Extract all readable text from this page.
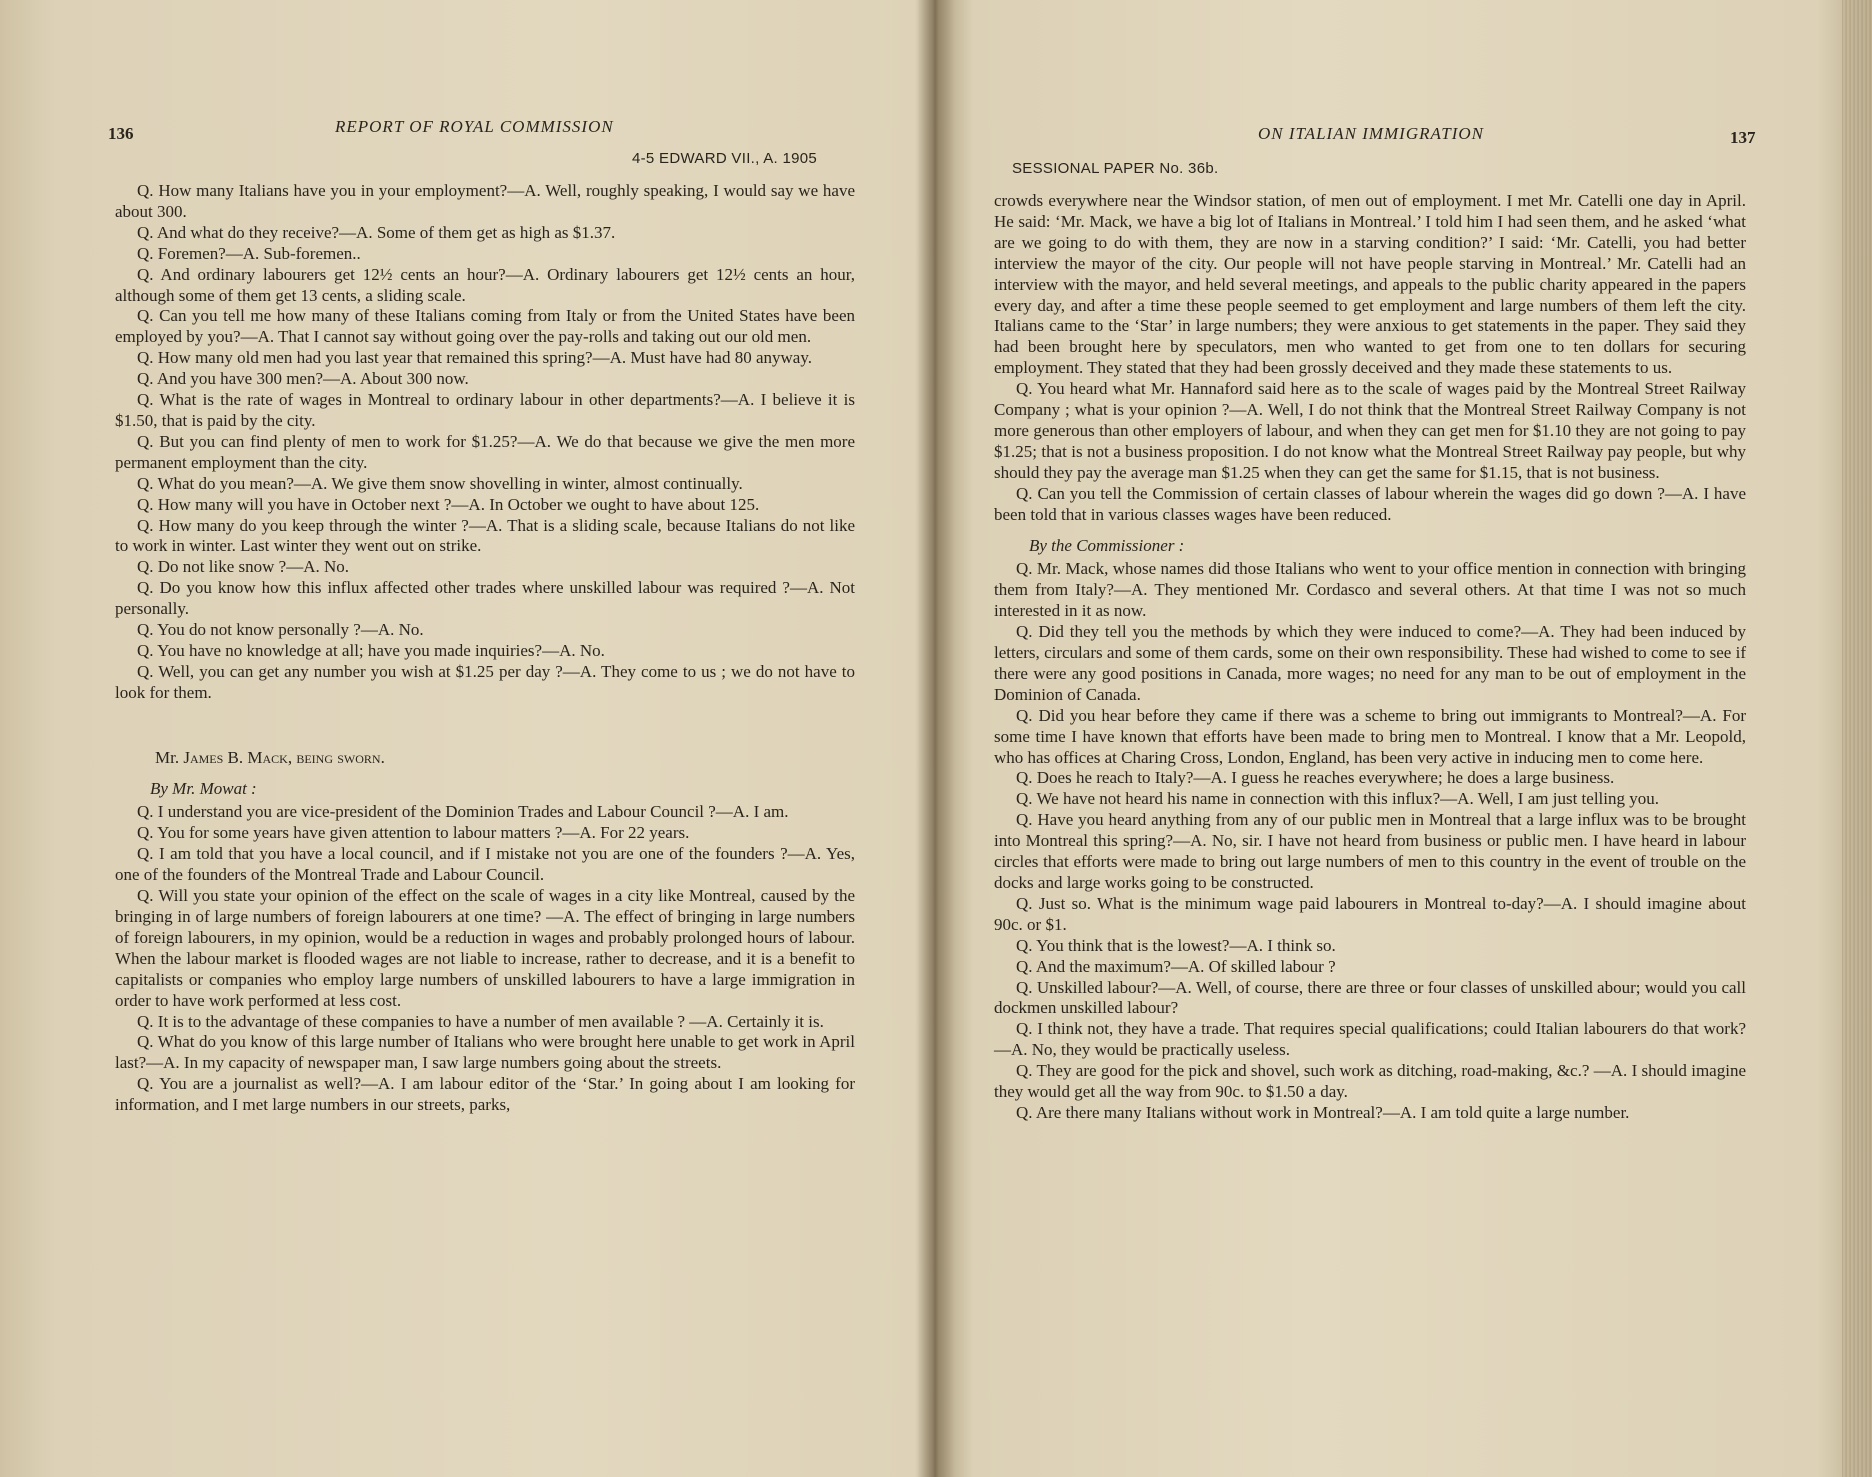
136	REPORT OF ROYAL COMMISSION
4-5 EDWARD VII., A. 1905

Q. How many Italians have you in your employment?—A. Well, roughly speaking, I would say we have about 300.

Q. And what do they receive?—A. Some of them get as high as $1.37.

Q. Foremen?—A. Sub-foremen..

Q. And ordinary labourers get 12½ cents an hour?—A. Ordinary labourers get 12½ cents an hour, although some of them get 13 cents, a sliding scale.

Q. Can you tell me how many of these Italians coming from Italy or from the United States have been employed by you?—A. That I cannot say without going over the pay-rolls and taking out our old men.

Q. How many old men had you last year that remained this spring?—A. Must have had 80 anyway.

Q. And you have 300 men?—A. About 300 now.

Q. What is the rate of wages in Montreal to ordinary labour in other departments?—A. I believe it is $1.50, that is paid by the city.

Q. But you can find plenty of men to work for $1.25?—A. We do that because we give the men more permanent employment than the city.

Q. What do you mean?—A. We give them snow shovelling in winter, almost continually.

Q. How many will you have in October next ?—A. In October we ought to have about 125.

Q. How many do you keep through the winter ?—A. That is a sliding scale, because Italians do not like to work in winter. Last winter they went out on strike.

Q. Do not like snow ?—A. No.

Q. Do you know how this influx affected other trades where unskilled labour was required ?—A. Not personally.

Q. You do not know personally ?—A. No.

Q. You have no knowledge at all; have you made inquiries?—A. No.

Q. Well, you can get any number you wish at $1.25 per day ?—A. They come to us ; we do not have to look for them.

Mr. James B. Mack, being sworn.

By Mr. Mowat :

Q. I understand you are vice-president of the Dominion Trades and Labour Council ?—A. I am.

Q. You for some years have given attention to labour matters ?—A. For 22 years.

Q. I am told that you have a local council, and if I mistake not you are one of the founders ?—A. Yes, one of the founders of the Montreal Trade and Labour Council.

Q. Will you state your opinion of the effect on the scale of wages in a city like Montreal, caused by the bringing in of large numbers of foreign labourers at one time? —A. The effect of bringing in large numbers of foreign labourers, in my opinion, would be a reduction in wages and probably prolonged hours of labour. When the labour market is flooded wages are not liable to increase, rather to decrease, and it is a benefit to capitalists or companies who employ large numbers of unskilled labourers to have a large immigration in order to have work performed at less cost.

Q. It is to the advantage of these companies to have a number of men available ? —A. Certainly it is.

Q. What do you know of this large number of Italians who were brought here unable to get work in April last?—A. In my capacity of newspaper man, I saw large numbers going about the streets.

Q. You are a journalist as well?—A. I am labour editor of the ‘Star.’ In going about I am looking for information, and I met large numbers in our streets, parks,

ON ITALIAN IMMIGRATION	137
SESSIONAL PAPER No. 36b.

crowds everywhere near the Windsor station, of men out of employment. I met Mr. Catelli one day in April. He said: ‘Mr. Mack, we have a big lot of Italians in Montreal.’ I told him I had seen them, and he asked ‘what are we going to do with them, they are now in a starving condition?’ I said: ‘Mr. Catelli, you had better interview the mayor of the city. Our people will not have people starving in Montreal.’ Mr. Catelli had an interview with the mayor, and held several meetings, and appeals to the public charity appeared in the papers every day, and after a time these people seemed to get employment and large numbers of them left the city. Italians came to the ‘Star’ in large numbers; they were anxious to get statements in the paper. They said they had been brought here by speculators, men who wanted to get from one to ten dollars for securing employment. They stated that they had been grossly deceived and they made these statements to us.

Q. You heard what Mr. Hannaford said here as to the scale of wages paid by the Montreal Street Railway Company ; what is your opinion ?—A. Well, I do not think that the Montreal Street Railway Company is not more generous than other employers of labour, and when they can get men for $1.10 they are not going to pay $1.25; that is not a business proposition. I do not know what the Montreal Street Railway pay people, but why should they pay the average man $1.25 when they can get the same for $1.15, that is not business.

Q. Can you tell the Commission of certain classes of labour wherein the wages did go down ?—A. I have been told that in various classes wages have been reduced.

By the Commissioner :

Q. Mr. Mack, whose names did those Italians who went to your office mention in connection with bringing them from Italy?—A. They mentioned Mr. Cordasco and several others. At that time I was not so much interested in it as now.

Q. Did they tell you the methods by which they were induced to come?—A. They had been induced by letters, circulars and some of them cards, some on their own responsibility. These had wished to come to see if there were any good positions in Canada, more wages; no need for any man to be out of employment in the Dominion of Canada.

Q. Did you hear before they came if there was a scheme to bring out immigrants to Montreal?—A. For some time I have known that efforts have been made to bring men to Montreal. I know that a Mr. Leopold, who has offices at Charing Cross, London, England, has been very active in inducing men to come here.

Q. Does he reach to Italy?—A. I guess he reaches everywhere; he does a large business.

Q. We have not heard his name in connection with this influx?—A. Well, I am just telling you.

Q. Have you heard anything from any of our public men in Montreal that a large influx was to be brought into Montreal this spring?—A. No, sir. I have not heard from business or public men. I have heard in labour circles that efforts were made to bring out large numbers of men to this country in the event of trouble on the docks and large works going to be constructed.

Q. Just so. What is the minimum wage paid labourers in Montreal to-day?—A. I should imagine about 90c. or $1.

Q. You think that is the lowest?—A. I think so.

Q. And the maximum?—A. Of skilled labour ?

Q. Unskilled labour?—A. Well, of course, there are three or four classes of unskilled abour; would you call dockmen unskilled labour?

Q. I think not, they have a trade. That requires special qualifications; could Italian labourers do that work?—A. No, they would be practically useless.

Q. They are good for the pick and shovel, such work as ditching, road-making, &c.? —A. I should imagine they would get all the way from 90c. to $1.50 a day.

Q. Are there many Italians without work in Montreal?—A. I am told quite a large number.
